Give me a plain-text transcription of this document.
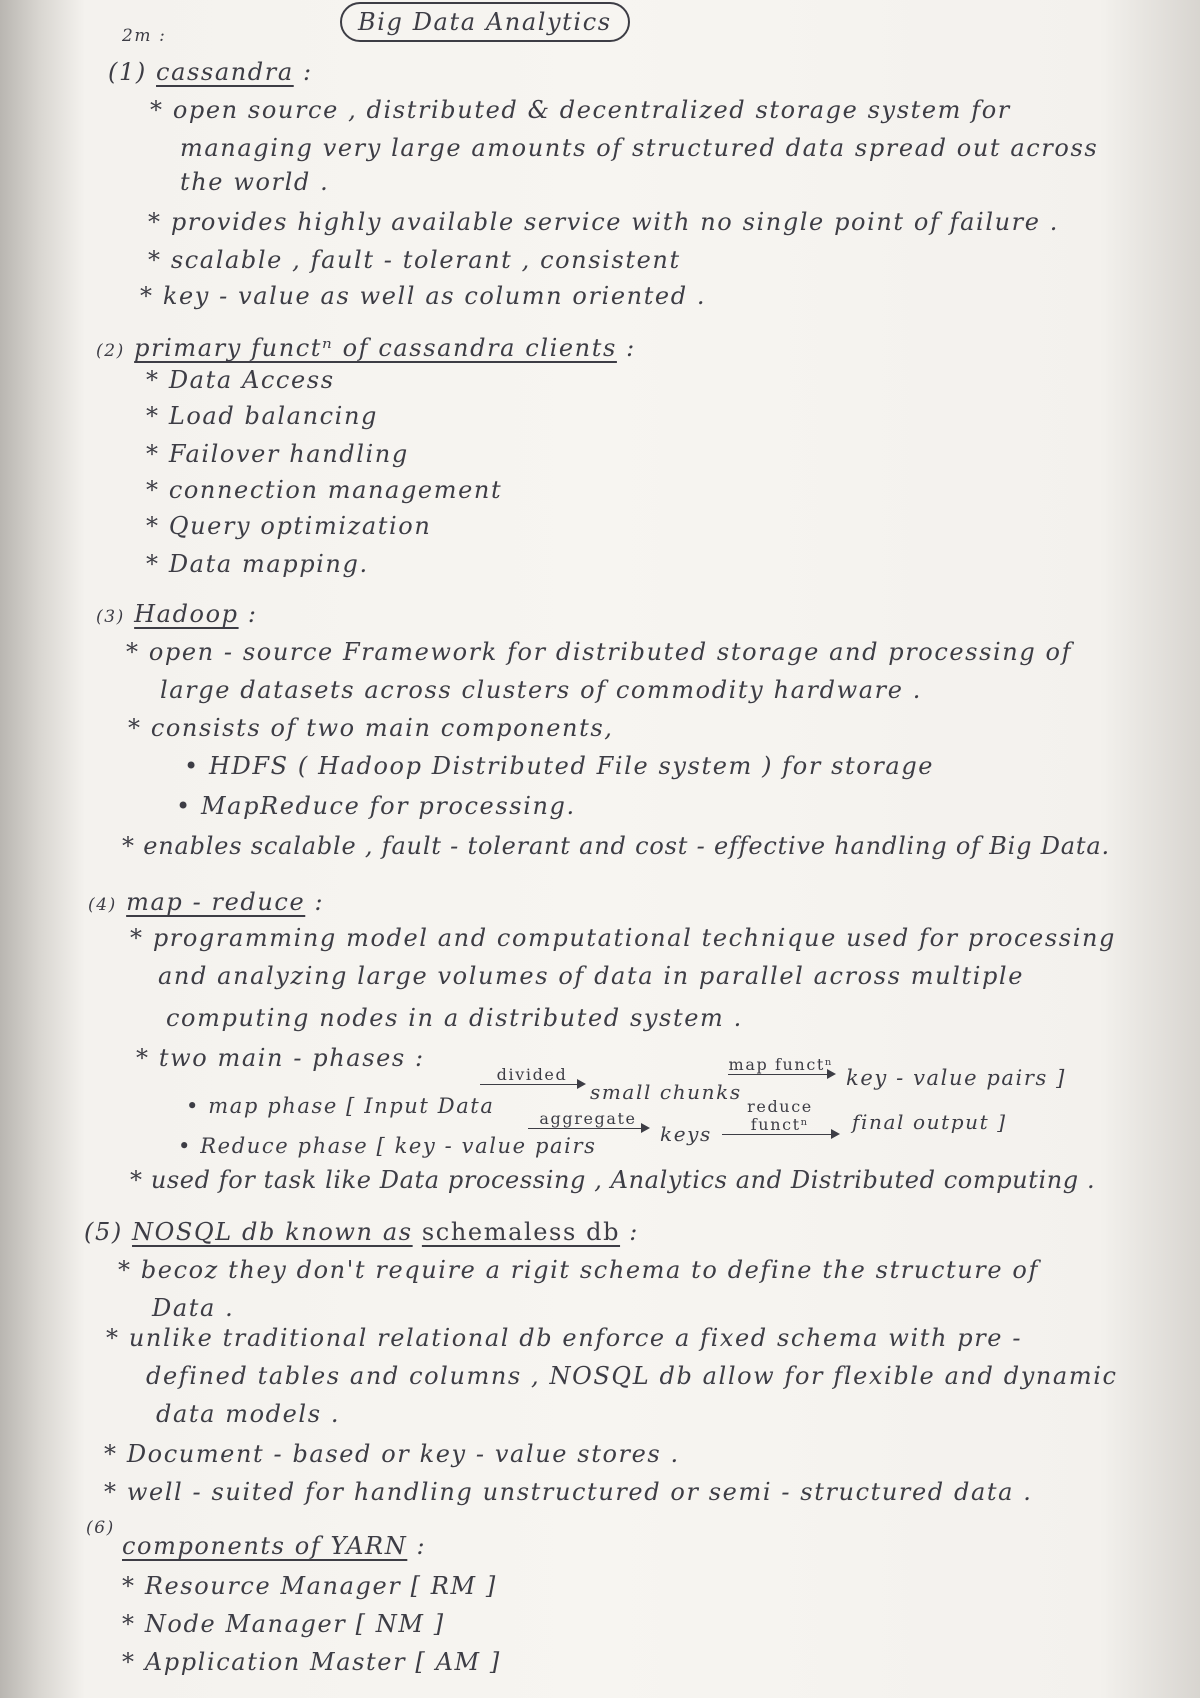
2m :	Big Data Analytics
(1) cassandra :
* open source , distributed & decentralized storage system for
managing very large amounts of structured data spread out across
the world .
* provides highly available service with no single point of failure .
* scalable , fault - tolerant , consistent
* key - value as well as column oriented .
(2) primary functⁿ of cassandra clients :
* Data Access
* Load balancing
* Failover handling
* connection management
* Query optimization
* Data mapping.
(3) Hadoop :
* open - source Framework for distributed storage and processing of
large datasets across clusters of commodity hardware .
* consists of two main components,
• HDFS ( Hadoop Distributed File system ) for storage
• MapReduce for processing.
* enables scalable , fault - tolerant and cost - effective handling of Big Data.
(4) map - reduce :
* programming model and computational technique used for processing
and analyzing large volumes of data in parallel across multiple
computing nodes in a distributed system .
* two main - phases :
• map phase [ Input Data
divided
small chunks
map functⁿ
key - value pairs ]
• Reduce phase [ key - value pairs
aggregate
keys
reduce functⁿ	final output ]
* used for task like Data processing , Analytics and Distributed computing .
(5) NOSQL db known as schemaless db :
* becoz they don't require a rigit schema to define the structure of
Data .
* unlike traditional relational db enforce a fixed schema with pre -
defined tables and columns , NOSQL db allow for flexible and dynamic
data models .
* Document - based or key - value stores .
* well - suited for handling unstructured or semi - structured data .
(6)
components of YARN :
* Resource Manager [ RM ]
* Node Manager [ NM ]
* Application Master [ AM ]
